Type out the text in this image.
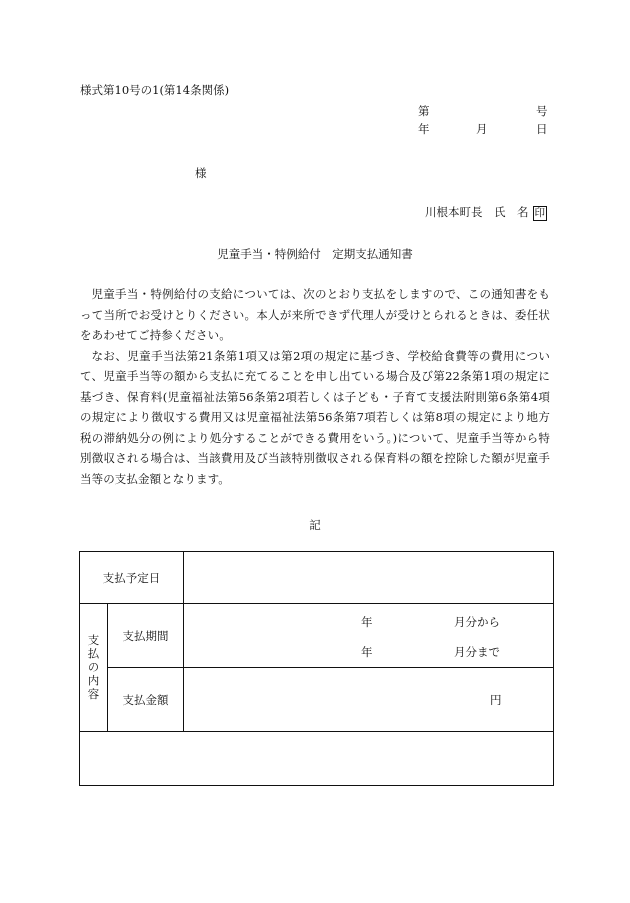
様式第10号の1(第14条関係)
第	号
年	月	日
様
川根本町長　氏　名 印
児童手当・特例給付　定期支払通知書

児童手当・特例給付の支給については、次のとおり支払をしますので、この通知書をもって当所でお受けとりください。本人が来所できず代理人が受けとられるときは、委任状をあわせてご持参ください。

なお、児童手当法第21条第1項又は第2項の規定に基づき、学校給食費等の費用について、児童手当等の額から支払に充てることを申し出ている場合及び第22条第1項の規定に基づき、保育料(児童福祉法第56条第2項若しくは子ども・子育て支援法附則第6条第4項の規定により徴収する費用又は児童福祉法第56条第7項若しくは第8項の規定により地方税の滞納処分の例により処分することができる費用をいう。)について、児童手当等から特別徴収される場合は、当該費用及び当該特別徴収される保育料の額を控除した額が児童手当等の支払金額となります。

記
支払予定日		

支払の内容	支払期間	年 月分から
年 月分まで

	支払金額	円
